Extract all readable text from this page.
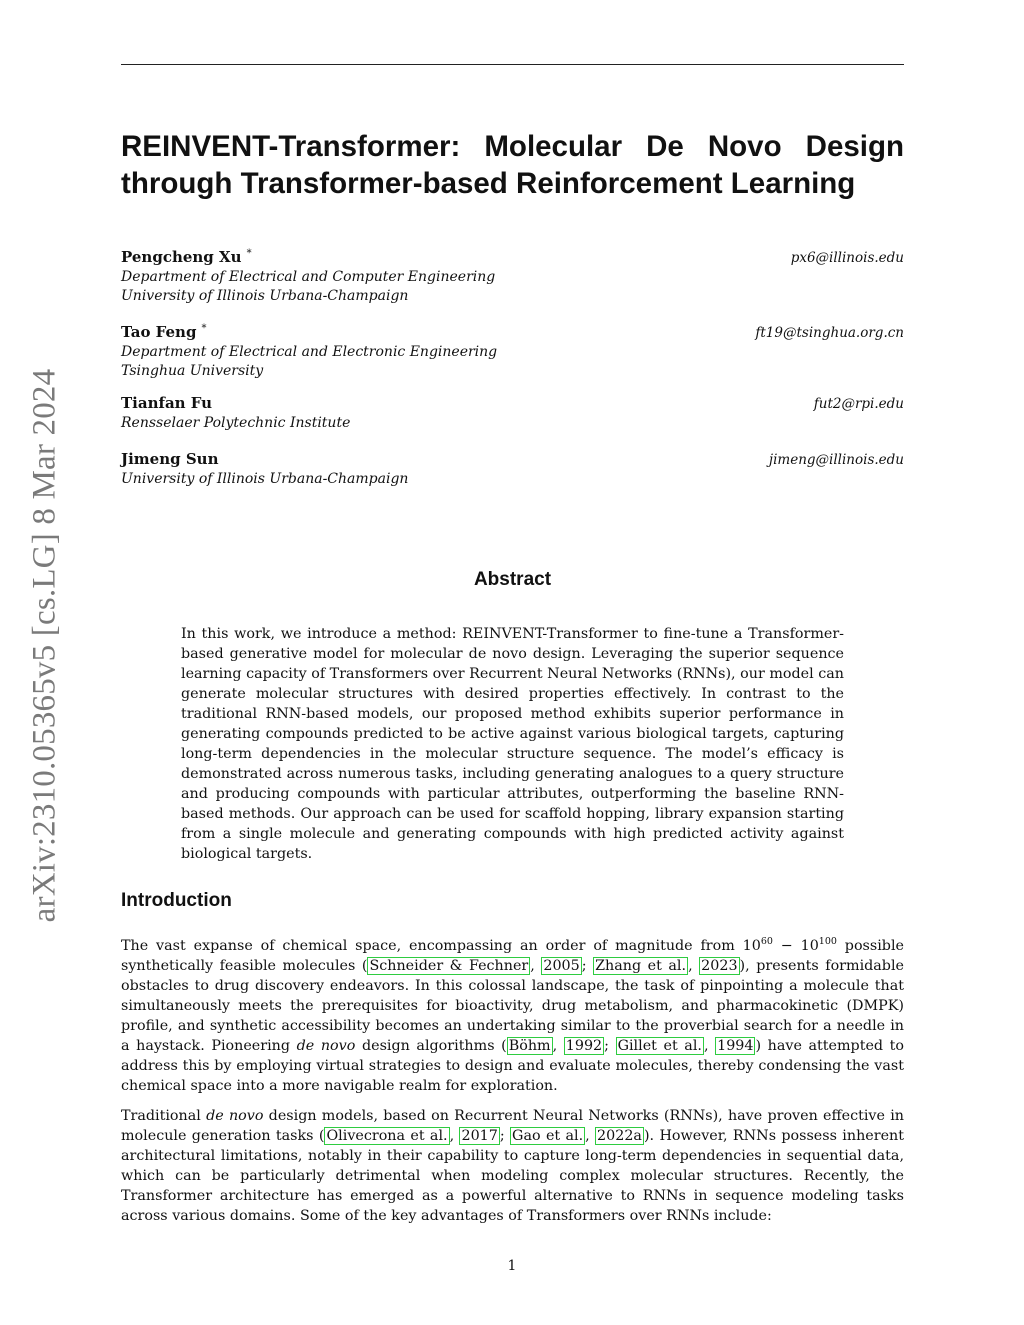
arXiv:2310.05365v5 [cs.LG] 8 Mar 2024
REINVENT-Transformer: Molecular De Novo Design
through Transformer-based Reinforcement Learning
Pengcheng Xu *	px6@illinois.edu
Department of Electrical and Computer Engineering
University of Illinois Urbana-Champaign
Tao Feng *	ft19@tsinghua.org.cn
Department of Electrical and Electronic Engineering
Tsinghua University
Tianfan Fu	fut2@rpi.edu
Rensselaer Polytechnic Institute
Jimeng Sun	jimeng@illinois.edu
University of Illinois Urbana-Champaign
Abstract

In this work, we introduce a method: REINVENT-Transformer to fine-tune a Transformer-based generative model for molecular de novo design. Leveraging the superior sequence learning capacity of Transformers over Recurrent Neural Networks (RNNs), our model can generate molecular structures with desired properties effectively. In contrast to the traditional RNN-based models, our proposed method exhibits superior performance in generating compounds predicted to be active against various biological targets, capturing long-term dependencies in the molecular structure sequence. The model’s efficacy is demonstrated across numerous tasks, including generating analogues to a query structure and producing compounds with particular attributes, outperforming the baseline RNN-based methods. Our approach can be used for scaffold hopping, library expansion starting from a single molecule and generating compounds with high predicted activity against biological targets.

Introduction

The vast expanse of chemical space, encompassing an order of magnitude from $10^{60} - 10^{100}$ possible synthetically feasible molecules ( Schneider & Fechner , 2005 ; Zhang et al. , 2023 ), presents formidable obstacles to drug discovery endeavors. In this colossal landscape, the task of pinpointing a molecule that simultaneously meets the prerequisites for bioactivity, drug metabolism, and pharmacokinetic (DMPK) profile, and synthetic accessibility becomes an undertaking similar to the proverbial search for a needle in a haystack. Pioneering de novo design algorithms ( Böhm , 1992 ; Gillet et al. , 1994 ) have attempted to address this by employing virtual strategies to design and evaluate molecules, thereby condensing the vast chemical space into a more navigable realm for exploration.

Traditional de novo design models, based on Recurrent Neural Networks (RNNs), have proven effective in molecule generation tasks ( Olivecrona et al. , 2017 ; Gao et al. , 2022a ). However, RNNs possess inherent architectural limitations, notably in their capability to capture long-term dependencies in sequential data, which can be particularly detrimental when modeling complex molecular structures. Recently, the Transformer architecture has emerged as a powerful alternative to RNNs in sequence modeling tasks across various domains. Some of the key advantages of Transformers over RNNs include:

1
